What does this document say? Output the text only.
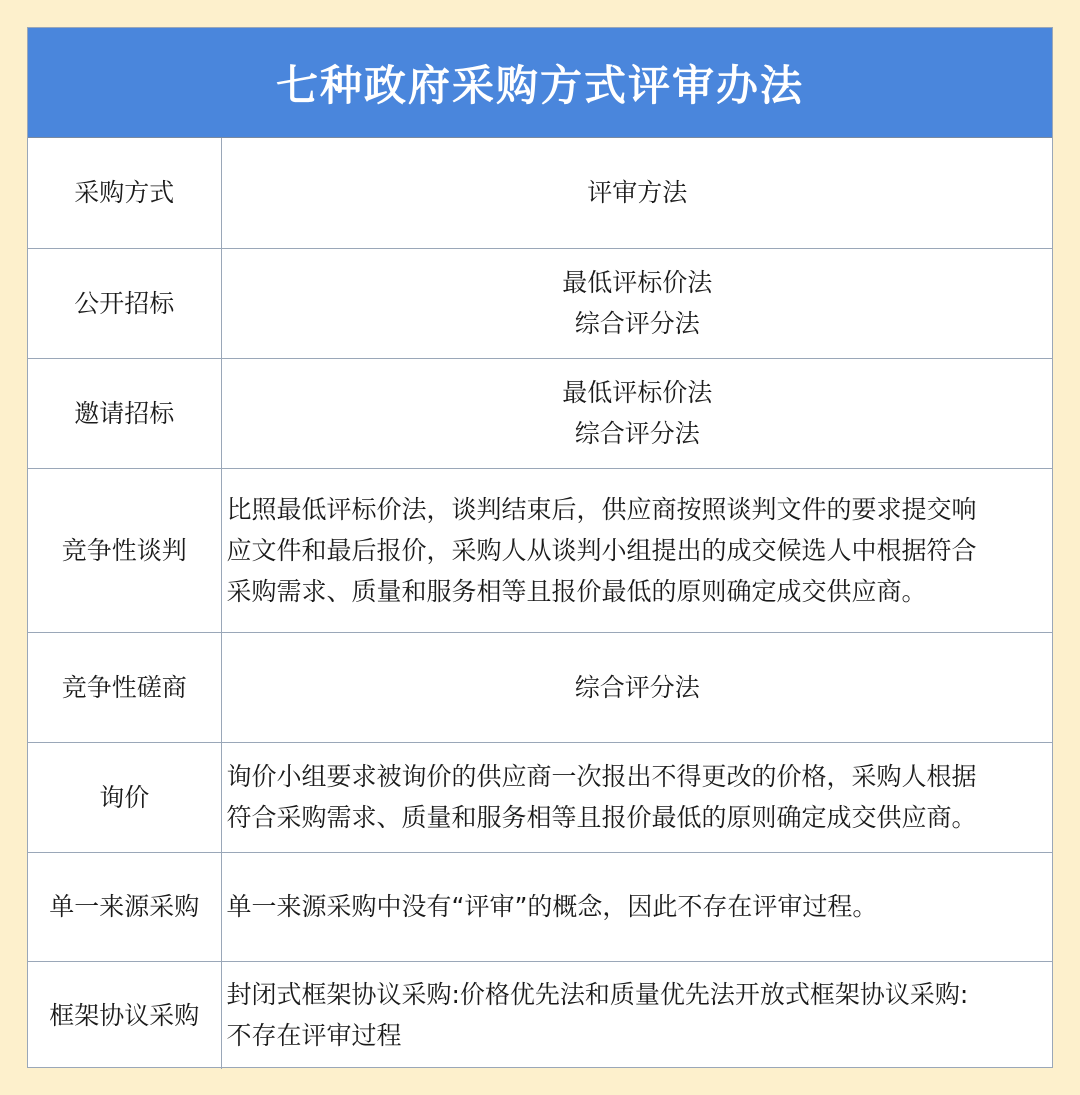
七种政府采购方式评审办法
采购方式	评审方法
公开招标	最低评标价法
综合评分法

邀请招标	最低评标价法
综合评分法

竞争性谈判	比照最低评标价法，谈判结束后，供应商按照谈判文件的要求提交响
应文件和最后报价，采购人从谈判小组提出的成交候选人中根据符合
采购需求、质量和服务相等且报价最低的原则确定成交供应商。

竞争性磋商	综合评分法

询价	询价小组要求被询价的供应商一次报出不得更改的价格，采购人根据
符合采购需求、质量和服务相等且报价最低的原则确定成交供应商。

单一来源采购	单一来源采购中没有“评审”的概念，因此不存在评审过程。

框架协议采购	封闭式框架协议采购:价格优先法和质量优先法开放式框架协议采购:
不存在评审过程
